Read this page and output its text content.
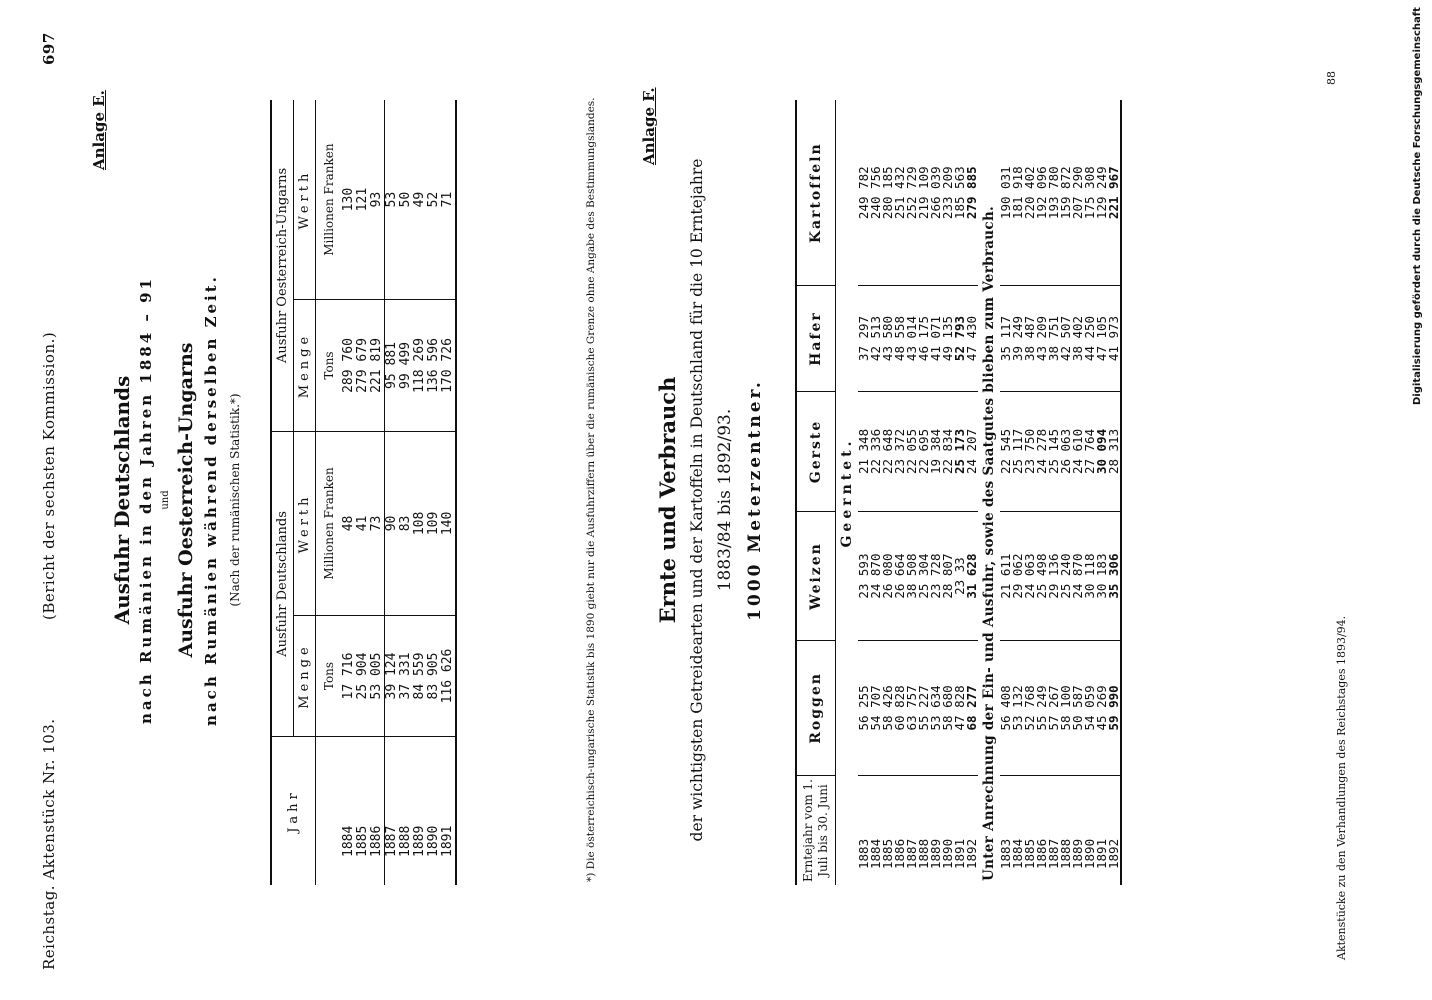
Reichstag. Aktenstück Nr. 103.
(Bericht der sechsten Kommission.)
697
Anlage E.
Ausfuhr Deutschlands nach Rumänien in den Jahren 1884 – 91 und Ausfuhr Oesterreich-Ungarns nach Rumänien während derselben Zeit. (Nach der rumänischen Statistik.*)
Jahr	Ausfuhr Deutschlands		Ausfuhr Oesterreich-Ungarns	
	Menge	Werth	Menge	Werth
	Tons	Millionen Franken	Tons	Millionen Franken
1884	17 716	48	289 760	130
1885	25 904	41	279 679	121
1886	53 005	73	221 819	93
1887	39 124	90	95 881	53
1888	37 331	83	99 499	50
1889	84 559	108	118 269	49
1890	83 905	109	136 596	52
1891	116 626	140	170 726	71	*) Die österreichisch-ungarische Statistik bis 1890 giebt nur die Ausfuhrziffern über die rumänische Grenze ohne Angabe des Bestimmungslandes.	Anlage F.
Ernte und Verbrauch der wichtigsten Getreidearten und der Kartoffeln in Deutschland für die 10 Erntejahre 1883/84 bis 1892/93. 1000 Meterzentner.
Erntejahr vom 1. Juli bis 30. Juni	Roggen	Weizen	Gerste	Hafer	Kartoffeln
Geerntet.					
1883	56 255	23 593	21 348	37 297	249 782
1884	54 707	24 870	22 336	42 513	240 756
1885	58 426	26 080	22 648	43 580	280 185
1886	60 828	26 664	23 372	48 558	251 432
1887	63 757	38 508	22 055	43 014	252 729
1888	55 227	25 304	22 695	46 175	219 109
1889	53 634	23 728	19 384	41 071	266 039
1890	58 680	28 807	22 834	49 135	233 209
1891	47 828	23 33	25 173	52 793	185 563
1892	68 277	31 628	24 207	47 430	279 885
Unter Anrechnung der Ein- und Ausfuhr, sowie des Saatgutes blieben zum Verbrauch.					
1883	56 408	21 611	22 545	35 117	190 031
1884	53 132	29 062	25 117	39 249	181 918
1885	52 768	24 063	23 750	38 487	220 402
1886	55 249	25 498	24 278	43 209	192 096
1887	57 267	29 136	25 145	38 751	193 780
1888	58 100	25 240	26 063	42 507	159 872
1889	50 587	24 870	24 610	38 402	207 290
1890	54 059	30 118	27 764	44 250	175 308
1891	45 269	30 183	30 094	47 105	129 249
1892	59 990	35 306	28 313	41 973	221 967
Aktenstücke zu den Verhandlungen des Reichstages 1893/94.
88	Digitalisierung gefördert durch die Deutsche Forschungsgemeinschaft
